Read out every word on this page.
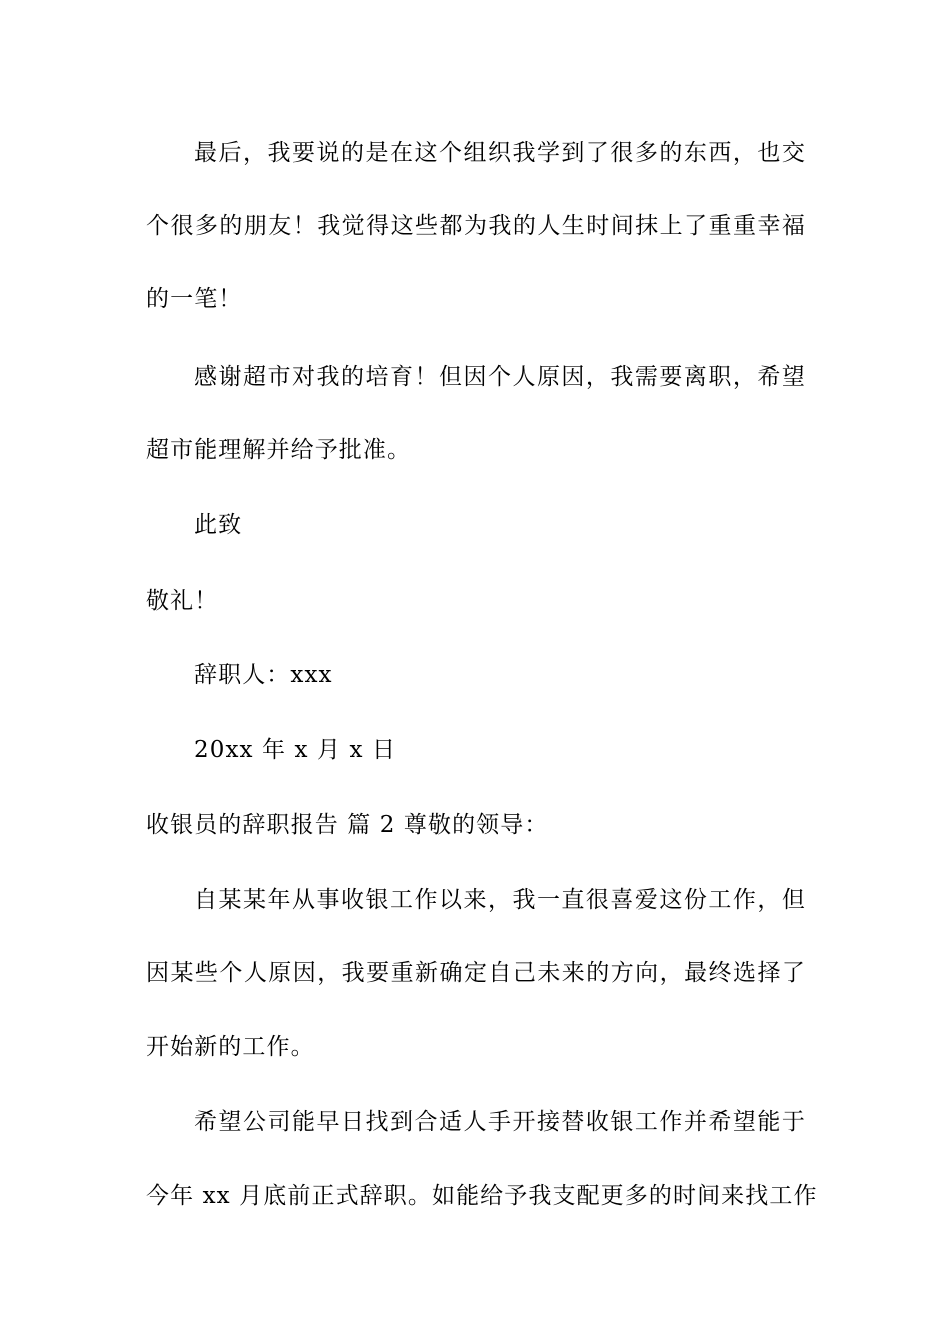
最后，我要说的是在这个组织我学到了很多的东西，也交
个很多的朋友！我觉得这些都为我的人生时间抹上了重重幸福
的一笔！
感谢超市对我的培育！但因个人原因，我需要离职，希望
超市能理解并给予批准。
此致
敬礼！
辞职人：xxx
20xx 年 x 月 x 日
收银员的辞职报告 篇 2 尊敬的领导：
自某某年从事收银工作以来，我一直很喜爱这份工作，但
因某些个人原因，我要重新确定自己未来的方向，最终选择了
开始新的工作。
希望公司能早日找到合适人手开接替收银工作并希望能于
今年 xx 月底前正式辞职。如能给予我支配更多的时间来找工作
